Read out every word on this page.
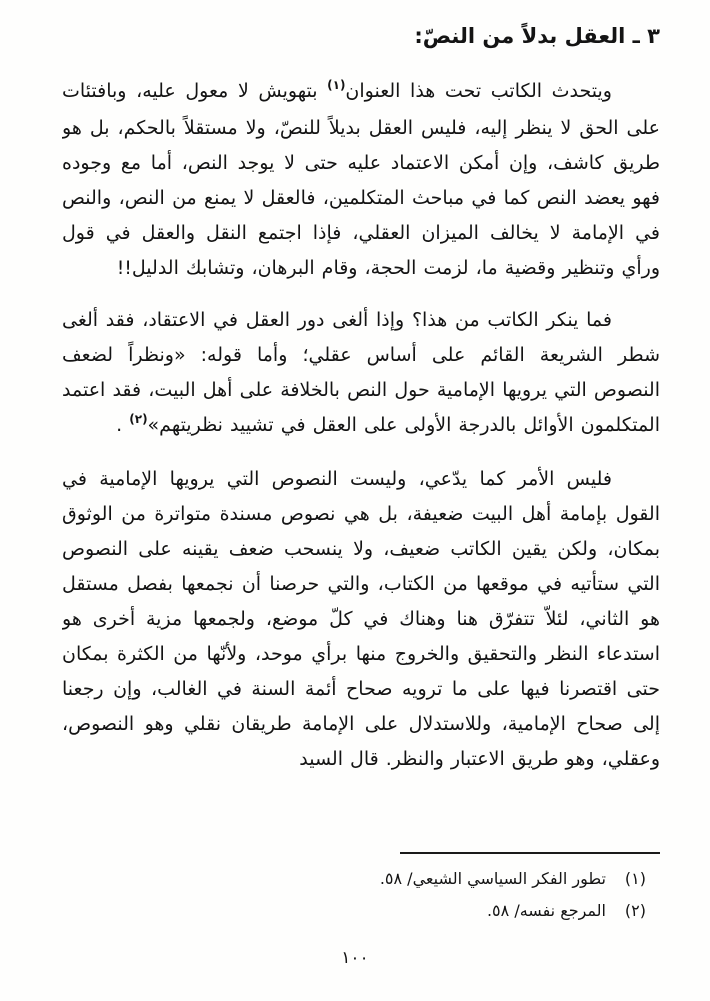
٣ ـ العقل بدلاً من النصّ:

ويتحدث الكاتب تحت هذا العنوان$^{(١)}$ بتهويش لا معول عليه، وبافتئات على الحق لا ينظر إليه، فليس العقل بديلاً للنصّ، ولا مستقلاً بالحكم، بل هو طريق كاشف، وإن أمكن الاعتماد عليه حتى لا يوجد النص، أما مع وجوده فهو يعضد النص كما في مباحث المتكلمين، فالعقل لا يمنع من النص، والنص في الإمامة لا يخالف الميزان العقلي، فإذا اجتمع النقل والعقل في قول ورأي وتنظير وقضية ما، لزمت الحجة، وقام البرهان، وتشابك الدليل!!

فما ينكر الكاتب من هذا؟ وإذا ألغى دور العقل في الاعتقاد، فقد ألغى شطر الشريعة القائم على أساس عقلي؛ وأما قوله: «ونظراً لضعف النصوص التي يرويها الإمامية حول النص بالخلافة على أهل البيت، فقد اعتمد المتكلمون الأوائل بالدرجة الأولى على العقل في تشييد نظريتهم»$^{(٢)}$ .

فليس الأمر كما يدّعي، وليست النصوص التي يرويها الإمامية في القول بإمامة أهل البيت ضعيفة، بل هي نصوص مسندة متواترة من الوثوق بمكان، ولكن يقين الكاتب ضعيف، ولا ينسحب ضعف يقينه على النصوص التي ستأتيه في موقعها من الكتاب، والتي حرصنا أن نجمعها بفصل مستقل هو الثاني، لئلاّ تتفرّق هنا وهناك في كلّ موضع، ولجمعها مزية أخرى هو استدعاء النظر والتحقيق والخروج منها برأي موحد، ولأنّها من الكثرة بمكان حتى اقتصرنا فيها على ما ترويه صحاح أئمة السنة في الغالب، وإن رجعنا إلى صحاح الإمامية، وللاستدلال على الإمامة طريقان نقلي وهو النصوص، وعقلي، وهو طريق الاعتبار والنظر. قال السيد

(١)
تطور الفكر السياسي الشيعي/ ٥٨.
(٢)
المرجع نفسه/ ٥٨.
١٠٠
